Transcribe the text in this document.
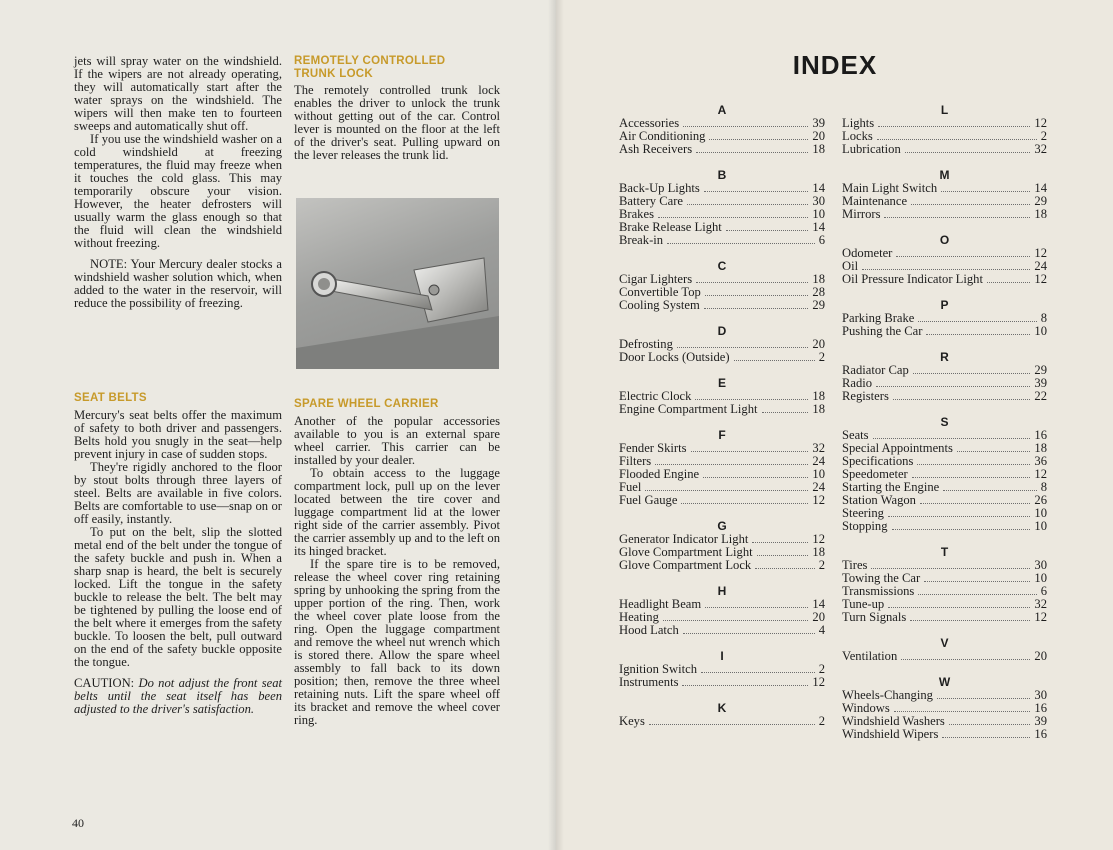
jets will spray water on the windshield. If the wipers are not already operating, they will automatically start after the water sprays on the windshield. The wipers will then make ten to fourteen sweeps and automatically shut off.

If you use the windshield washer on a cold windshield at freezing temperatures, the fluid may freeze when it touches the cold glass. This may temporarily obscure your vision. However, the heater defrosters will usually warm the glass enough so that the fluid will clean the windshield without freezing.

NOTE: Your Mercury dealer stocks a windshield washer solution which, when added to the water in the reservoir, will reduce the possibility of freezing.

SEAT BELTS

Mercury's seat belts offer the maximum of safety to both driver and passengers. Belts hold you snugly in the seat—help prevent injury in case of sudden stops.

They're rigidly anchored to the floor by stout bolts through three layers of steel. Belts are available in five colors. Belts are comfortable to use—snap on or off easily, instantly.

To put on the belt, slip the slotted metal end of the belt under the tongue of the safety buckle and push in. When a sharp snap is heard, the belt is securely locked. Lift the tongue in the safety buckle to release the belt. The belt may be tightened by pulling the loose end of the belt where it emerges from the safety buckle. To loosen the belt, pull outward on the end of the safety buckle opposite the tongue.

CAUTION: Do not adjust the front seat belts until the seat itself has been adjusted to the driver's satisfaction.

REMOTELY CONTROLLED
TRUNK LOCK

The remotely controlled trunk lock enables the driver to unlock the trunk without getting out of the car. Control lever is mounted on the floor at the left of the driver's seat. Pulling upward on the lever releases the trunk lid.

SPARE WHEEL CARRIER

Another of the popular accessories available to you is an external spare wheel carrier. This carrier can be installed by your dealer.

To obtain access to the luggage compartment lock, pull up on the lever located between the tire cover and luggage compartment lid at the lower right side of the carrier assembly. Pivot the carrier assembly up and to the left on its hinged bracket.

If the spare tire is to be removed, release the wheel cover ring retaining spring by unhooking the spring from the upper portion of the ring. Then, work the wheel cover plate loose from the ring. Open the luggage compartment and remove the wheel nut wrench which is stored there. Allow the spare wheel assembly to fall back to its down position; then, remove the three wheel retaining nuts. Lift the spare wheel off its bracket and remove the wheel cover ring.

40
INDEX
A
Accessories	39
Air Conditioning	20
Ash Receivers	18
B
Back-Up Lights	14
Battery Care	30
Brakes	10
Brake Release Light	14
Break-in	6
C
Cigar Lighters	18
Convertible Top	28
Cooling System	29
D
Defrosting	20
Door Locks (Outside)	2
E
Electric Clock	18
Engine Compartment Light	18
F
Fender Skirts	32
Filters	24
Flooded Engine	10
Fuel	24
Fuel Gauge	12
G
Generator Indicator Light	12
Glove Compartment Light	18
Glove Compartment Lock	2
H
Headlight Beam	14
Heating	20
Hood Latch	4
I
Ignition Switch	2
Instruments	12
K
Keys	2
L
Lights	12
Locks	2
Lubrication	32
M
Main Light Switch	14
Maintenance	29
Mirrors	18
O
Odometer	12
Oil	24
Oil Pressure Indicator Light	12
P
Parking Brake	8
Pushing the Car	10
R
Radiator Cap	29
Radio	39
Registers	22
S
Seats	16
Special Appointments	18
Specifications	36
Speedometer	12
Starting the Engine	8
Station Wagon	26
Steering	10
Stopping	10
T
Tires	30
Towing the Car	10
Transmissions	6
Tune-up	32
Turn Signals	12
V
Ventilation	20
W
Wheels-Changing	30
Windows	16
Windshield Washers	39
Windshield Wipers	16
